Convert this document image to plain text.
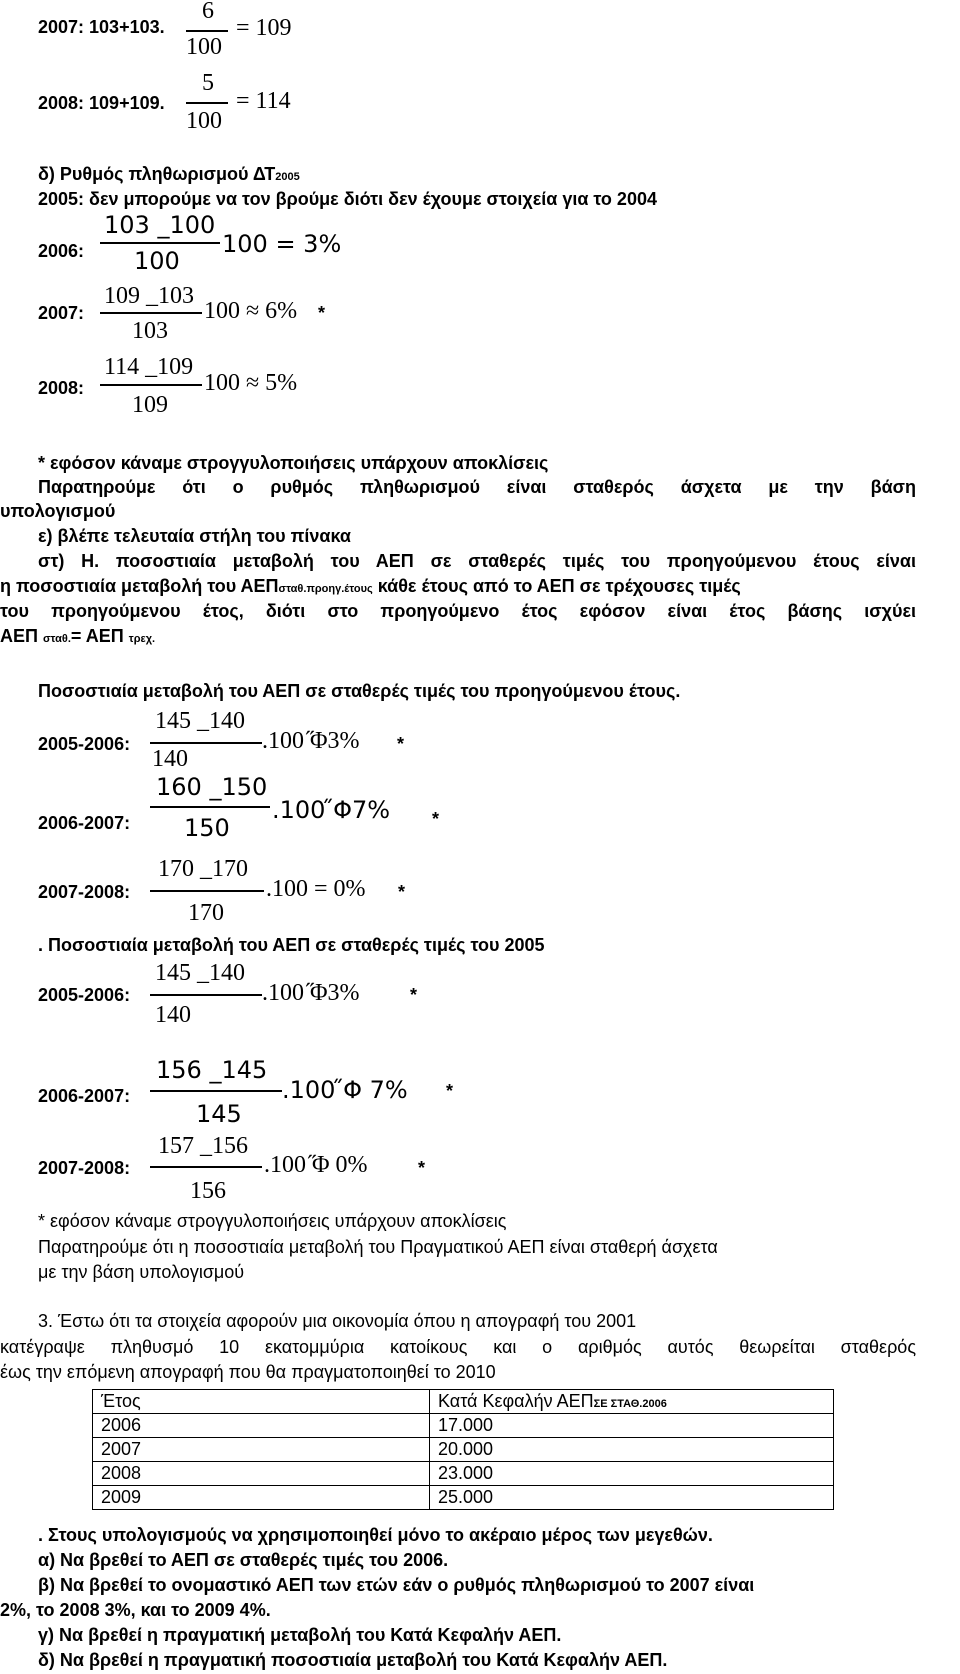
2007: 103+103.
6
100
= 109
2008: 109+109.
5
100
= 114
δ) Ρυθμός πληθωρισμού ΔΤ2005
2005: δεν μπορούμε να τον βρούμε διότι δεν έχουμε στοιχεία για το 2004
2006:
103 _100
100
100 = 3%
2007:
109 _103
103
100 ≈ 6% *
2008:
114 _109
109
100 ≈ 5%
* εφόσον κάναμε στρογγυλοποιήσεις υπάρχουν αποκλίσεις
Παρατηρούμε ότι ο ρυθμός πληθωρισμού είναι σταθερός άσχετα με την βάση
υπολογισμού
ε) βλέπε τελευταία στήλη του πίνακα
στ) Η. ποσοστιαία μεταβολή του ΑΕΠ σε σταθερές τιμές του προηγούμενου έτους είναι
η ποσοστιαία μεταβολή του ΑΕΠσταθ.προηγ.έτους κάθε έτους από το ΑΕΠ σε τρέχουσες τιμές
του προηγούμενου έτος, διότι στο προηγούμενο έτος εφόσον είναι έτος βάσης ισχύει
ΑΕΠ σταθ.= ΑΕΠ τρεχ.
Ποσοστιαία μεταβολή του ΑΕΠ σε σταθερές τιμές του προηγούμενου έτους.
2005-2006:
145 _140
140
.100 ̋Φ3% *
2006-2007:
160 _150
150
.100 ̋Φ7% *
2007-2008:
170 _170
170
.100 = 0% *
. Ποσοστιαία μεταβολή του ΑΕΠ σε σταθερές τιμές του 2005
2005-2006:
145 _140
140
.100 ̋Φ3%	*
2006-2007:
156 _145
145
.100 ̋Φ 7% *
2007-2008:
157 _156
156
.100 ̋Φ 0%	*
* εφόσον κάναμε στρογγυλοποιήσεις υπάρχουν αποκλίσεις
Παρατηρούμε ότι η ποσοστιαία μεταβολή του Πραγματικού ΑΕΠ είναι σταθερή άσχετα
με την βάση υπολογισμού
3. Έστω ότι τα στοιχεία αφορούν μια οικονομία όπου η απογραφή του 2001
κατέγραψε πληθυσμό 10 εκατομμύρια κατοίκους και ο αριθμός αυτός θεωρείται σταθερός
έως την επόμενη απογραφή που θα πραγματοποιηθεί το 2010
Έτος	Κατά Κεφαλήν ΑΕΠΣΕ ΣΤΑΘ.2006
2006	17.000
2007	20.000
2008	23.000
2009	25.000
. Στους υπολογισμούς να χρησιμοποιηθεί μόνο το ακέραιο μέρος των μεγεθών.
α) Να βρεθεί το ΑΕΠ σε σταθερές τιμές του 2006.
β) Να βρεθεί το ονομαστικό ΑΕΠ των ετών εάν ο ρυθμός πληθωρισμού το 2007 είναι
2%, το 2008 3%, και το 2009 4%.
γ) Να βρεθεί η πραγματική μεταβολή του Κατά Κεφαλήν ΑΕΠ.
δ) Να βρεθεί η πραγματική ποσοστιαία μεταβολή του Κατά Κεφαλήν ΑΕΠ.
